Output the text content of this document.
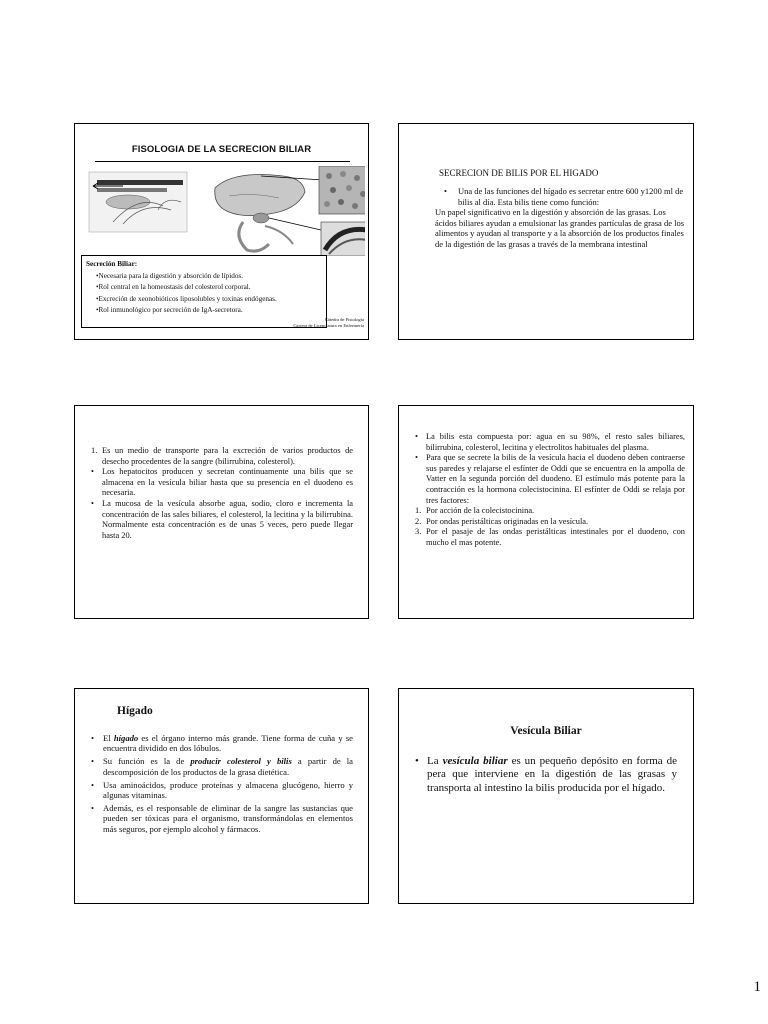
FISOLOGIA DE LA SECRECION BILIAR
Secreción Biliar:
•Necesaria para la digestión y absorción de lípidos.
•Rol central en la homeostasis del colesterol corporal.
•Excreción de xeonobióticos liposolubles y toxinas endógenas.
•Rol inmunológico por secreción de IgA-secretora.
Cátedra de Fisiología
Carrera de Licenciatura en Enfermería
SECRECION DE BILIS POR EL HIGADO
•	Una de las funciones del hígado es secretar entre 600 y1200 ml de bilis al día. Esta bilis tiene como función:
Un papel significativo en la digestión y absorción de las grasas. Los ácidos biliares ayudan a emulsionar las grandes partículas de grasa de los alimentos y ayudan al transporte y a la absorción de los productos finales de la digestión de las grasas a través de la membrana intestinal
1. Es un medio de transporte para la excreción de varios productos de desecho procedentes de la sangre (bilirrubina, colesterol).
• Los hepatocitos producen y secretan continuamente una bilis que se almacena en la vesícula biliar hasta que su presencia en el duodeno es necesaria.
• La mucosa de la vesícula absorbe agua, sodio, cloro e incrementa la concentración de las sales biliares, el colesterol, la lecitina y la bilirrubina. Normalmente esta concentración es de unas 5 veces, pero puede llegar hasta 20.
• La bilis esta compuesta por: agua en su 98%, el resto sales biliares, bilirrubina, colesterol, lecitina y electrolitos habituales del plasma.
• Para que se secrete la bilis de la vesícula hacia el duodeno deben contraerse sus paredes y relajarse el esfínter de Oddi que se encuentra en la ampolla de Vatter en la segunda porción del duodeno. El estímulo más potente para la contracción es la hormona colecistocinina. El esfínter de Oddi se relaja por tres factores:
1. Por acción de la colecistocinina.
2. Por ondas peristálticas originadas en la vesícula.
3. Por el pasaje de las ondas peristálticas intestinales por el duodeno, con mucho el mas potente.
Hígado
•	El hígado es el órgano interno más grande. Tiene forma de cuña y se encuentra dividido en dos lóbulos.
•	Su función es la de producir colesterol y bilis a partir de la descomposición de los productos de la grasa dietética.
•	Usa aminoácidos, produce proteínas y almacena glucógeno, hierro y algunas vitaminas.
•	Además, es el responsable de eliminar de la sangre las sustancias que pueden ser tóxicas para el organismo, transformándolas en elementos más seguros, por ejemplo alcohol y fármacos.
Vesícula Biliar
• La vesícula biliar es un pequeño depósito en forma de pera que interviene en la digestión de las grasas y transporta al intestino la bilis producida por el hígado.
1
